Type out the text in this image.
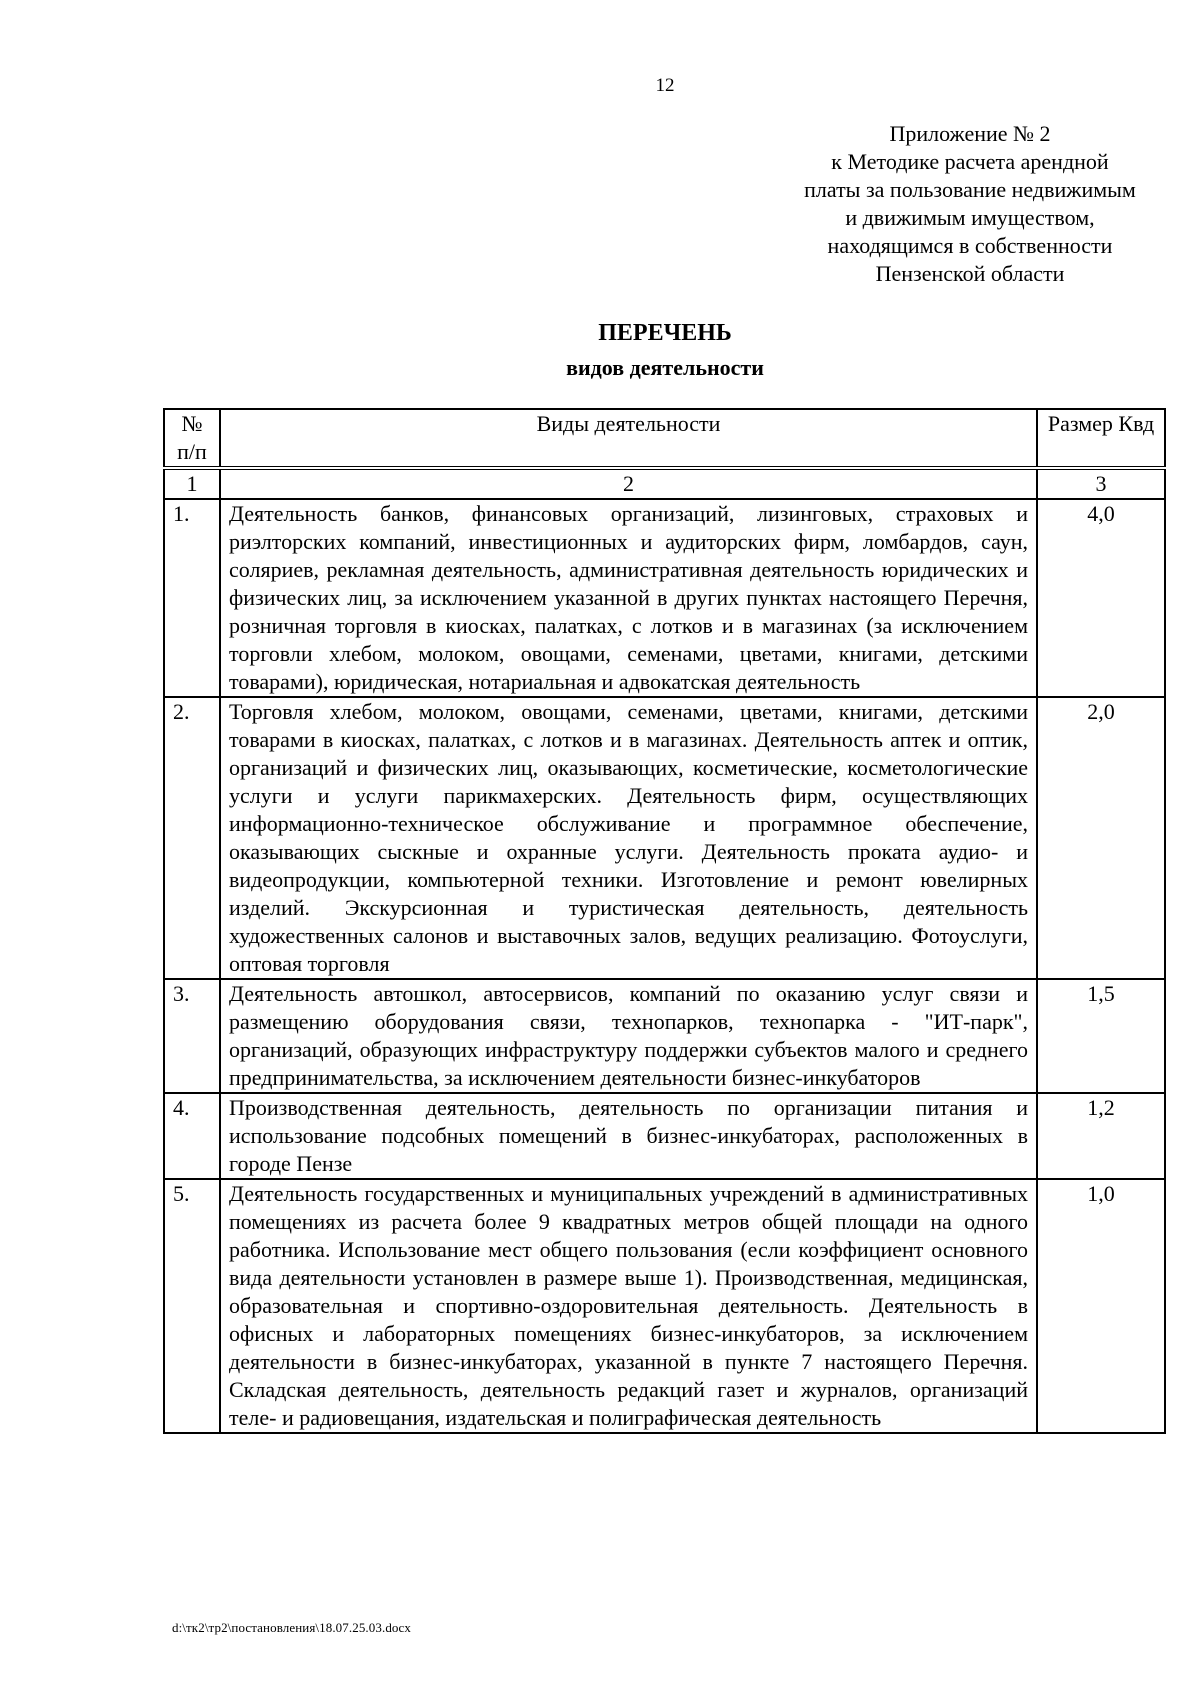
12
Приложение № 2
к Методике расчета арендной
платы за пользование недвижимым
и движимым имуществом,
находящимся в собственности
Пензенской области
ПЕРЕЧЕНЬ
видов деятельности
№ п/п	Виды деятельности	Размер Квд
1	2	3
1.	Деятельность банков, финансовых организаций, лизинговых, страховых и риэлторских компаний, инвестиционных и аудиторских фирм, ломбардов, саун, соляриев, рекламная деятельность, административная деятельность юридических и физических лиц, за исключением указанной в других пунктах настоящего Перечня, розничная торговля в киосках, палатках, с лотков и в магазинах (за исключением торговли хлебом, молоком, овощами, семенами, цветами, книгами, детскими товарами), юридическая, нотариальная и адвокатская деятельность	4,0
2.	Торговля хлебом, молоком, овощами, семенами, цветами, книгами, детскими товарами в киосках, палатках, с лотков и в магазинах. Деятельность аптек и оптик, организаций и физических лиц, оказывающих, косметические, косметологические услуги и услуги парикмахерских. Деятельность фирм, осуществляющих информационно-техническое обслуживание и программное обеспечение, оказывающих сыскные и охранные услуги. Деятельность проката аудио- и видеопродукции, компьютерной техники. Изготовление и ремонт ювелирных изделий. Экскурсионная и туристическая деятельность, деятельность художественных салонов и выставочных залов, ведущих реализацию. Фотоуслуги, оптовая торговля	2,0
3.	Деятельность автошкол, автосервисов, компаний по оказанию услуг связи и размещению оборудования связи, технопарков, технопарка - "ИТ-парк", организаций, образующих инфраструктуру поддержки субъектов малого и среднего предпринимательства, за исключением деятельности бизнес-инкубаторов	1,5
4.	Производственная деятельность, деятельность по организации питания и использование подсобных помещений в бизнес-инкубаторах, расположенных в городе Пензе	1,2
5.	Деятельность государственных и муниципальных учреждений в административных помещениях из расчета более 9 квадратных метров общей площади на одного работника. Использование мест общего пользования (если коэффициент основного вида деятельности установлен в размере выше 1). Производственная, медицинская, образовательная и спортивно-оздоровительная деятельность. Деятельность в офисных и лабораторных помещениях бизнес-инкубаторов, за исключением деятельности в бизнес-инкубаторах, указанной в пункте 7 настоящего Перечня. Складская деятельность, деятельность редакций газет и журналов, организаций теле- и радиовещания, издательская и полиграфическая деятельность	1,0
d:\тк2\тр2\постановления\18.07.25.03.docx
